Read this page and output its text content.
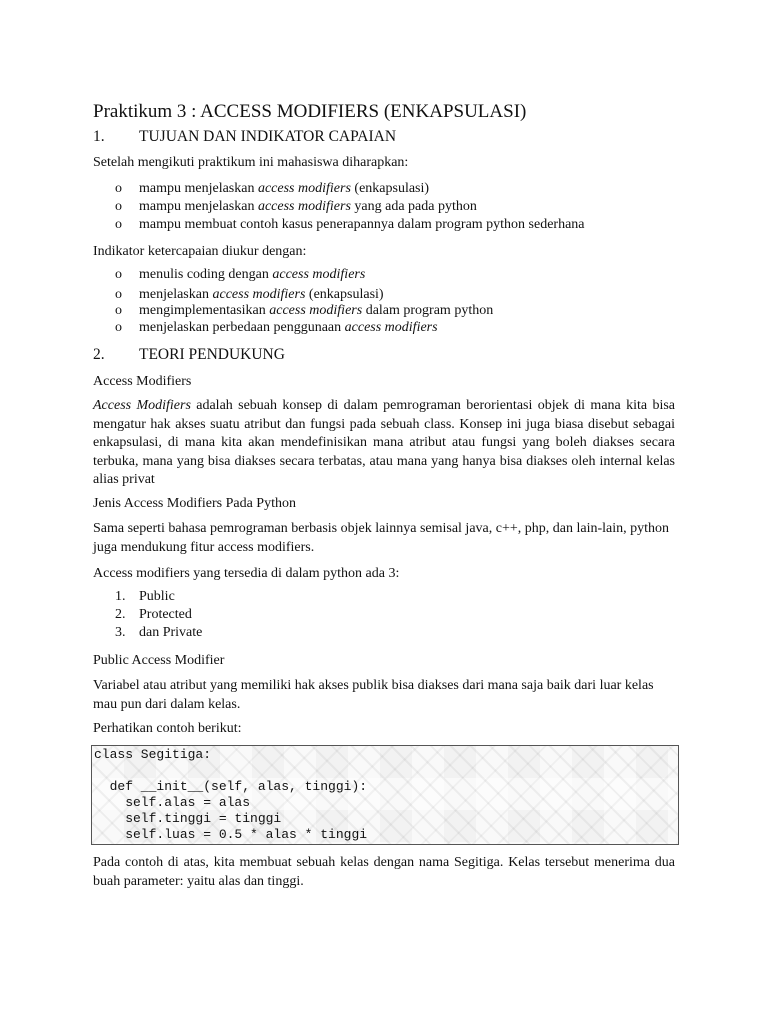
Praktikum 3 : ACCESS MODIFIERS (ENKAPSULASI)
1. TUJUAN DAN INDIKATOR CAPAIAN

Setelah mengikuti praktikum ini mahasiswa diharapkan:

o mampu menjelaskan access modifiers (enkapsulasi)
o mampu menjelaskan access modifiers yang ada pada python
o mampu membuat contoh kasus penerapannya dalam program python sederhana

Indikator ketercapaian diukur dengan:

o menulis coding dengan access modifiers
o menjelaskan access modifiers (enkapsulasi)
o mengimplementasikan access modifiers dalam program python
o menjelaskan perbedaan penggunaan access modifiers
2. TEORI PENDUKUNG

Access Modifiers

Access Modifiers adalah sebuah konsep di dalam pemrograman berorientasi objek di mana kita bisa mengatur hak akses suatu atribut dan fungsi pada sebuah class. Konsep ini juga biasa disebut sebagai enkapsulasi, di mana kita akan mendefinisikan mana atribut atau fungsi yang boleh diakses secara terbuka, mana yang bisa diakses secara terbatas, atau mana yang hanya bisa diakses oleh internal kelas alias privat

Jenis Access Modifiers Pada Python

Sama seperti bahasa pemrograman berbasis objek lainnya semisal java, c++, php, dan lain-lain, python juga mendukung fitur access modifiers.

Access modifiers yang tersedia di dalam python ada 3:

1. Public
2. Protected
3. dan Private

Public Access Modifier

Variabel atau atribut yang memiliki hak akses publik bisa diakses dari mana saja baik dari luar kelas mau pun dari dalam kelas.

Perhatikan contoh berikut:

class Segitiga:
def __init__(self, alas, tinggi):
self.alas = alas
self.tinggi = tinggi
self.luas = 0.5 * alas * tinggi

Pada contoh di atas, kita membuat sebuah kelas dengan nama Segitiga. Kelas tersebut menerima dua buah parameter: yaitu alas dan tinggi.
